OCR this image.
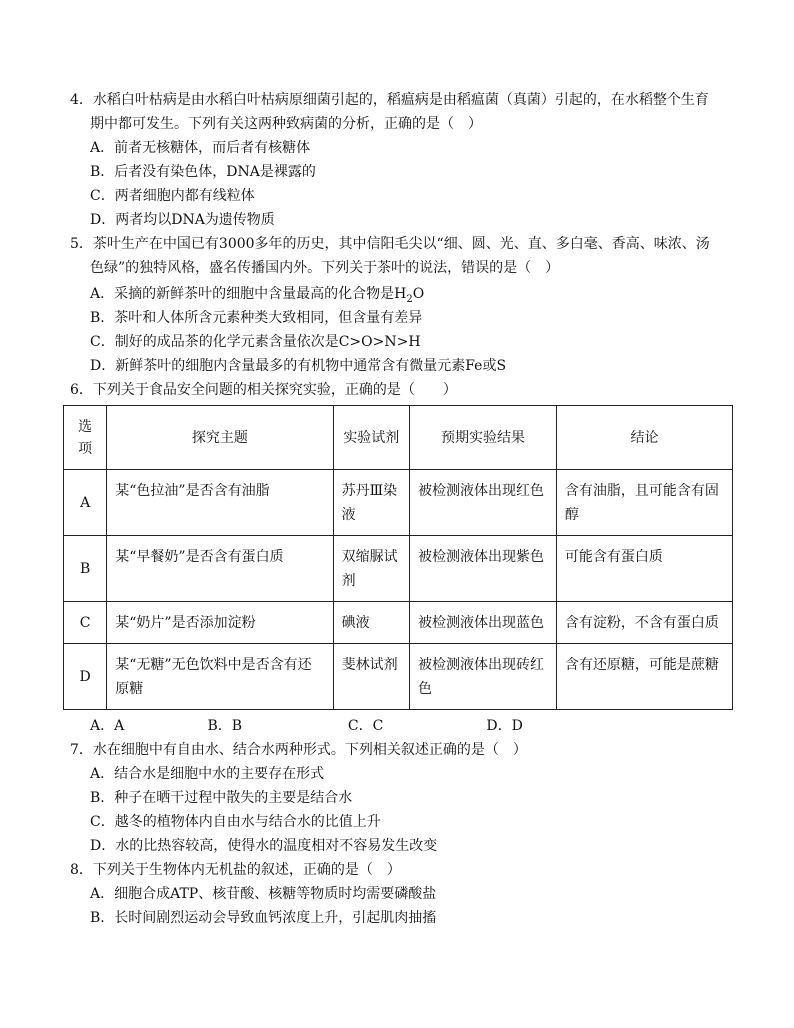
4．水稻白叶枯病是由水稻白叶枯病原细菌引起的，稻瘟病是由稻瘟菌（真菌）引起的，在水稻整个生育
期中都可发生。下列有关这两种致病菌的分析，正确的是（　）
A．前者无核糖体，而后者有核糖体
B．后者没有染色体，DNA是裸露的
C．两者细胞内都有线粒体
D．两者均以DNA为遗传物质
5．茶叶生产在中国已有3000多年的历史，其中信阳毛尖以“细、圆、光、直、多白毫、香高、味浓、汤
色绿”的独特风格，盛名传播国内外。下列关于茶叶的说法，错误的是（　）
A．采摘的新鲜茶叶的细胞中含量最高的化合物是$H_2O$
B．茶叶和人体所含元素种类大致相同，但含量有差异
C．制好的成品茶的化学元素含量依次是C>O>N>H
D．新鲜茶叶的细胞内含量最多的有机物中通常含有微量元素Fe或S
6．下列关于食品安全问题的相关探究实验，正确的是（　　）
选项	探究主题	实验试剂	预期实验结果	结论
A	某“色拉油”是否含有油脂	苏丹Ⅲ染液	被检测液体出现红色	含有油脂，且可能含有固醇
B	某“早餐奶”是否含有蛋白质	双缩脲试剂	被检测液体出现紫色	可能含有蛋白质
C	某“奶片”是否添加淀粉	碘液	被检测液体出现蓝色	含有淀粉，不含有蛋白质
D	某“无糖”无色饮料中是否含有还原糖	斐林试剂	被检测液体出现砖红色	含有还原糖，可能是蔗糖
A．A	B．B	C．C	D．D
7．水在细胞中有自由水、结合水两种形式。下列相关叙述正确的是（　）
A．结合水是细胞中水的主要存在形式
B．种子在晒干过程中散失的主要是结合水
C．越冬的植物体内自由水与结合水的比值上升
D．水的比热容较高，使得水的温度相对不容易发生改变
8．下列关于生物体内无机盐的叙述，正确的是（　）
A．细胞合成ATP、核苷酸、核糖等物质时均需要磷酸盐
B．长时间剧烈运动会导致血钙浓度上升，引起肌肉抽搐
